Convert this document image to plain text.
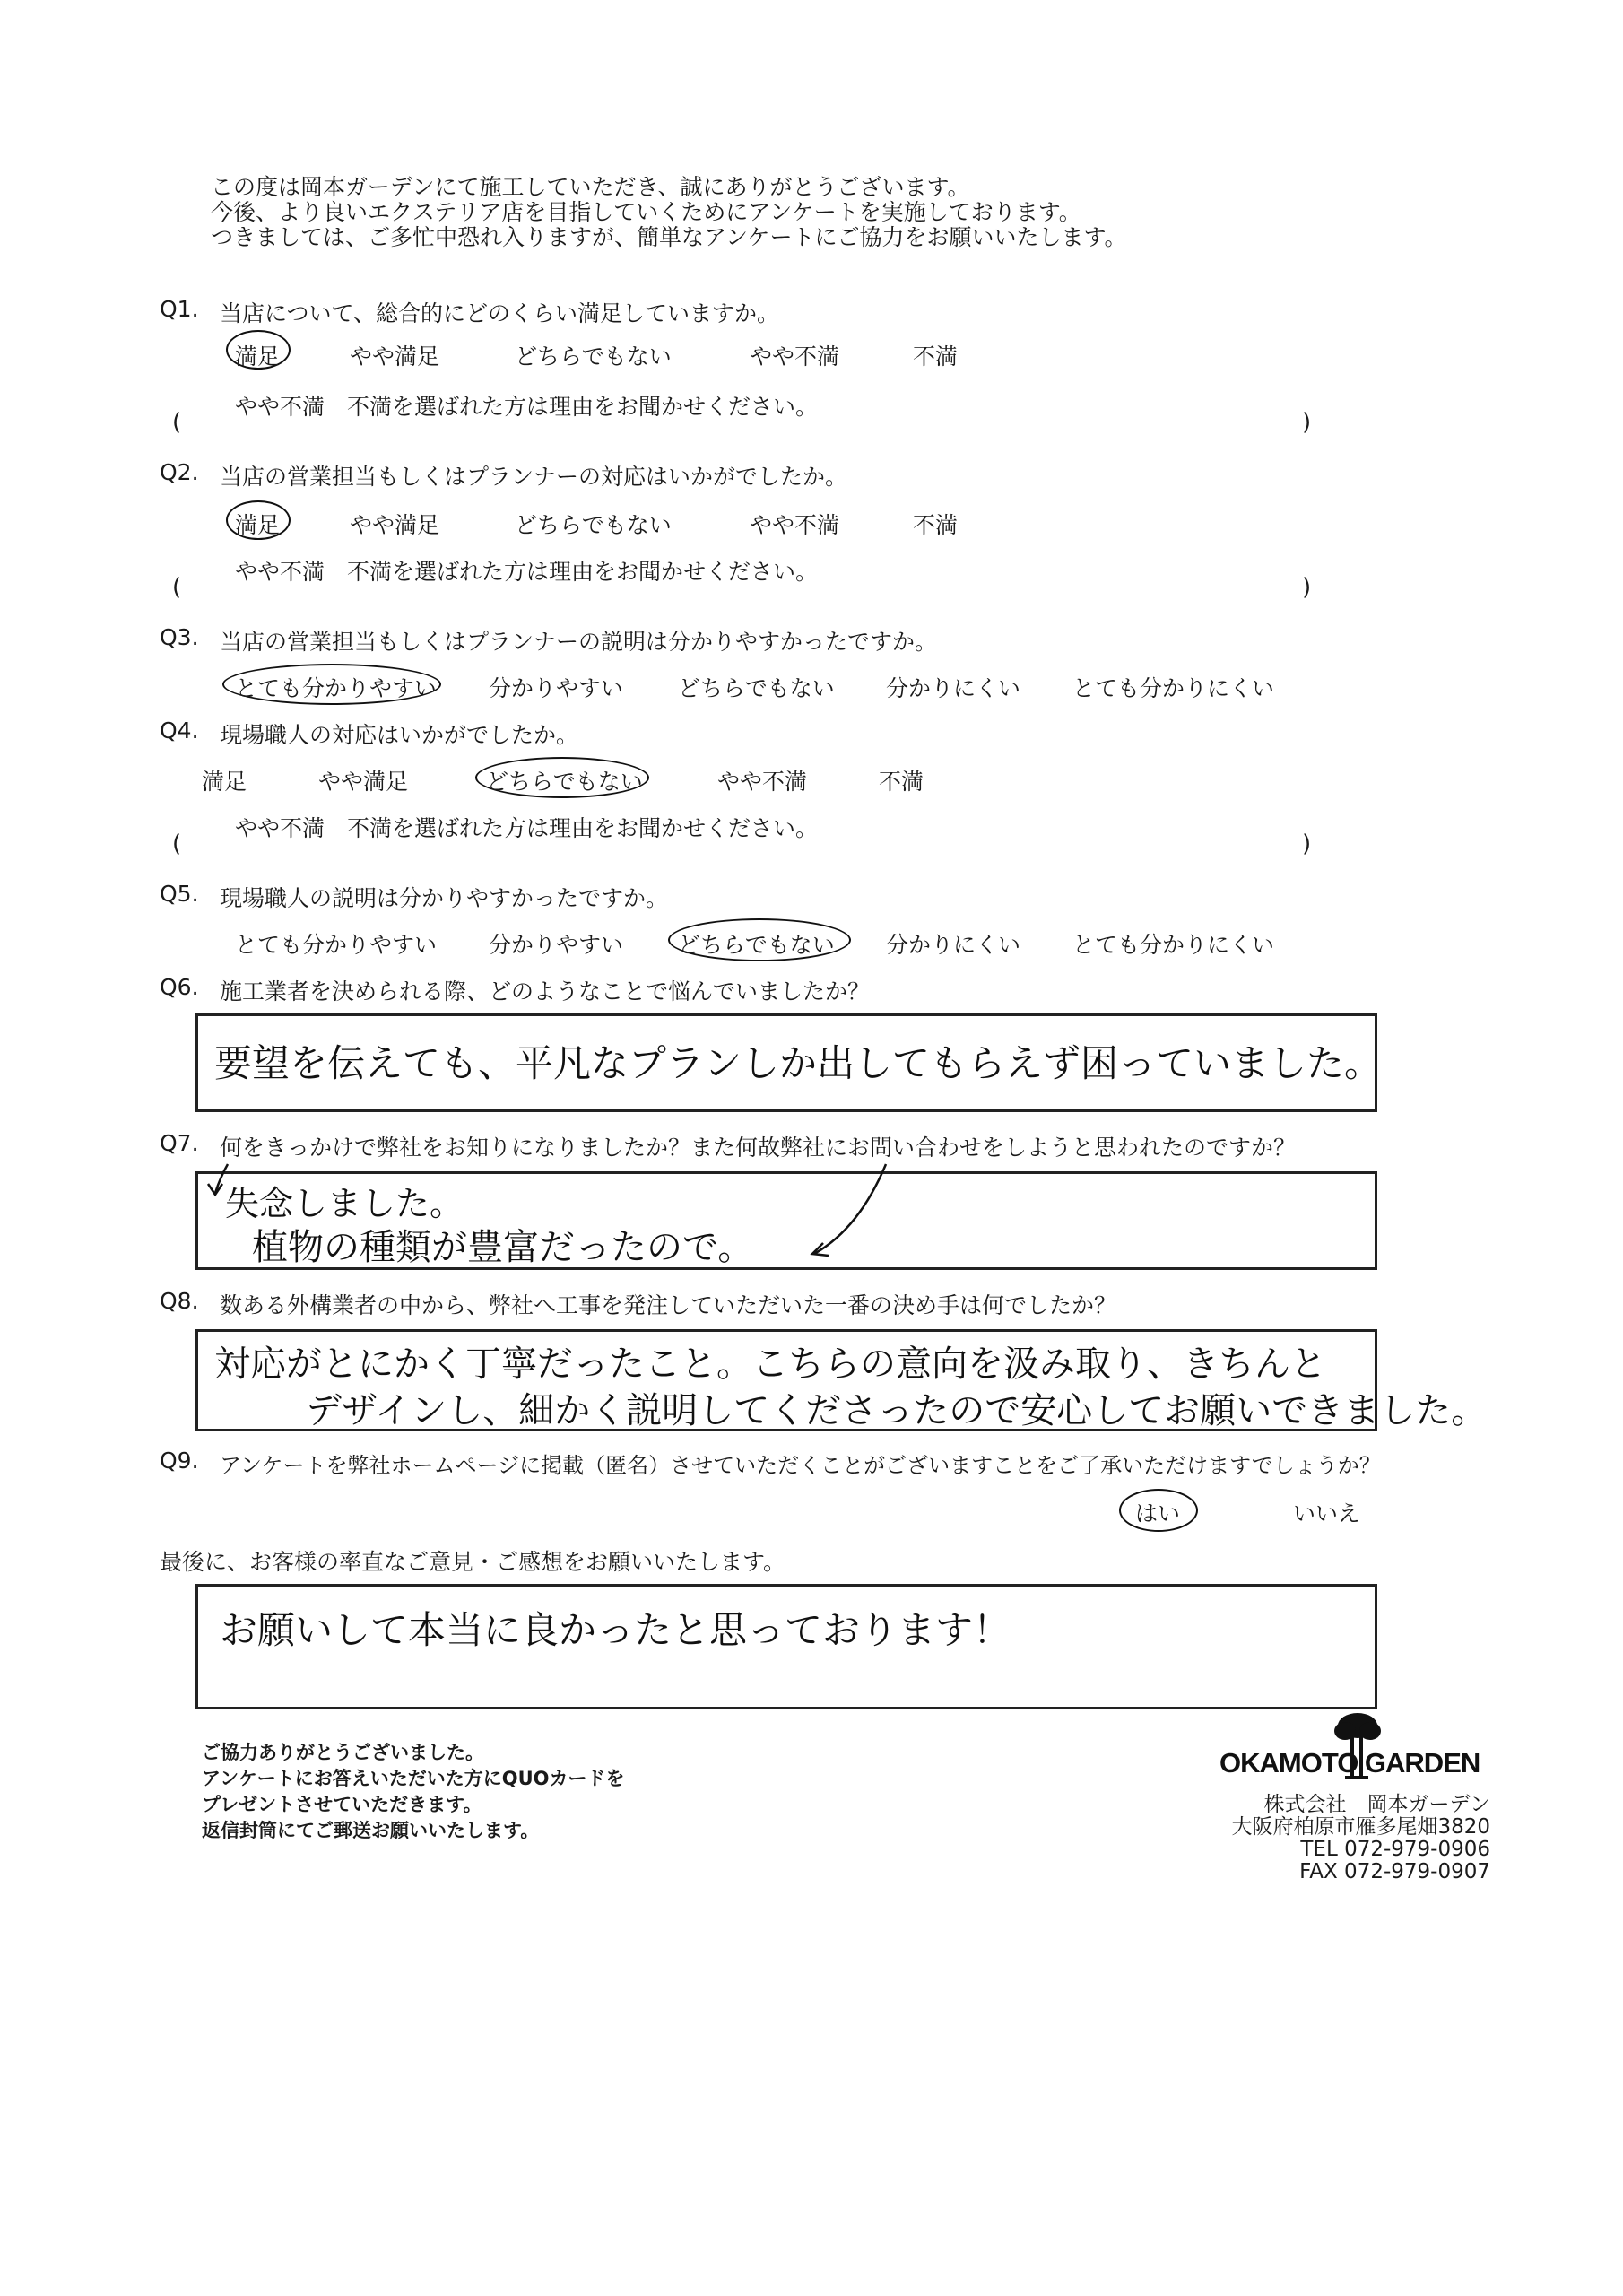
この度は岡本ガーデンにて施工していただき、誠にありがとうございます。
今後、より良いエクステリア店を目指していくためにアンケートを実施しております。
つきましては、ご多忙中恐れ入りますが、簡単なアンケートにご協力をお願いいたします。
Q1. 当店について、総合的にどのくらい満足していますか。
満足	やや満足	どちらでもない	やや不満	不満
やや不満　不満を選ばれた方は理由をお聞かせください。
(	)
Q2. 当店の営業担当もしくはプランナーの対応はいかがでしたか。
満足	やや満足	どちらでもない	やや不満	不満
やや不満　不満を選ばれた方は理由をお聞かせください。
(	)
Q3. 当店の営業担当もしくはプランナーの説明は分かりやすかったですか。
とても分かりやすい 分かりやすい どちらでもない 分かりにくい とても分かりにくい
Q4. 現場職人の対応はいかがでしたか。
満足	やや満足	どちらでもない	やや不満	不満
やや不満　不満を選ばれた方は理由をお聞かせください。
(	)
Q5. 現場職人の説明は分かりやすかったですか。
とても分かりやすい 分かりやすい どちらでもない 分かりにくい とても分かりにくい
Q6. 施工業者を決められる際、どのようなことで悩んでいましたか？
要望を伝えても、平凡なプランしか出してもらえず困っていました。
Q7. 何をきっかけで弊社をお知りになりましたか？また何故弊社にお問い合わせをしようと思われたのですか？
失念しました。
植物の種類が豊富だったので。
Q8. 数ある外構業者の中から、弊社へ工事を発注していただいた一番の決め手は何でしたか？
対応がとにかく丁寧だったこと。こちらの意向を汲み取り、きちんと
デザインし、細かく説明してくださったので安心してお願いできました。
Q9. アンケートを弊社ホームページに掲載（匿名）させていただくことがございますことをご了承いただけますでしょうか？
はい	いいえ
最後に、お客様の率直なご意見・ご感想をお願いいたします。
お願いして本当に良かったと思っております！
ご協力ありがとうございました。
アンケートにお答えいただいた方にQUOカードを
プレゼントさせていただきます。
返信封筒にてご郵送お願いいたします。
OKAMOTO GARDEN
株式会社　岡本ガーデン
大阪府柏原市雁多尾畑3820
TEL 072-979-0906
FAX 072-979-0907
